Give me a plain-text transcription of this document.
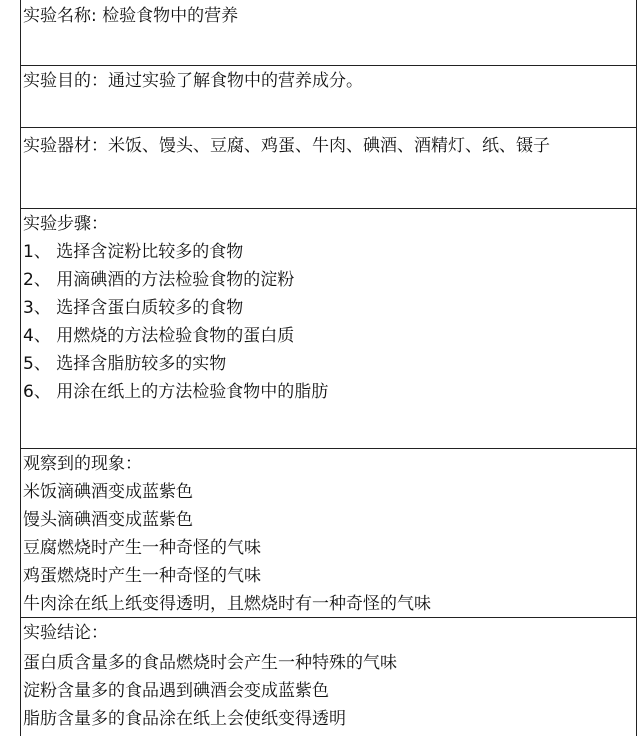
实验名称: 检验食物中的营养
实验目的：通过实验了解食物中的营养成分。
实验器材：米饭、馒头、豆腐、鸡蛋、牛肉、碘酒、酒精灯、纸、镊子
实验步骤：
1、 选择含淀粉比较多的食物
2、 用滴碘酒的方法检验食物的淀粉
3、 选择含蛋白质较多的食物
4、 用燃烧的方法检验食物的蛋白质
5、 选择含脂肪较多的实物
6、 用涂在纸上的方法检验食物中的脂肪
观察到的现象：
米饭滴碘酒变成蓝紫色
馒头滴碘酒变成蓝紫色
豆腐燃烧时产生一种奇怪的气味
鸡蛋燃烧时产生一种奇怪的气味
牛肉涂在纸上纸变得透明，且燃烧时有一种奇怪的气味
实验结论：
蛋白质含量多的食品燃烧时会产生一种特殊的气味
淀粉含量多的食品遇到碘酒会变成蓝紫色
脂肪含量多的食品涂在纸上会使纸变得透明
